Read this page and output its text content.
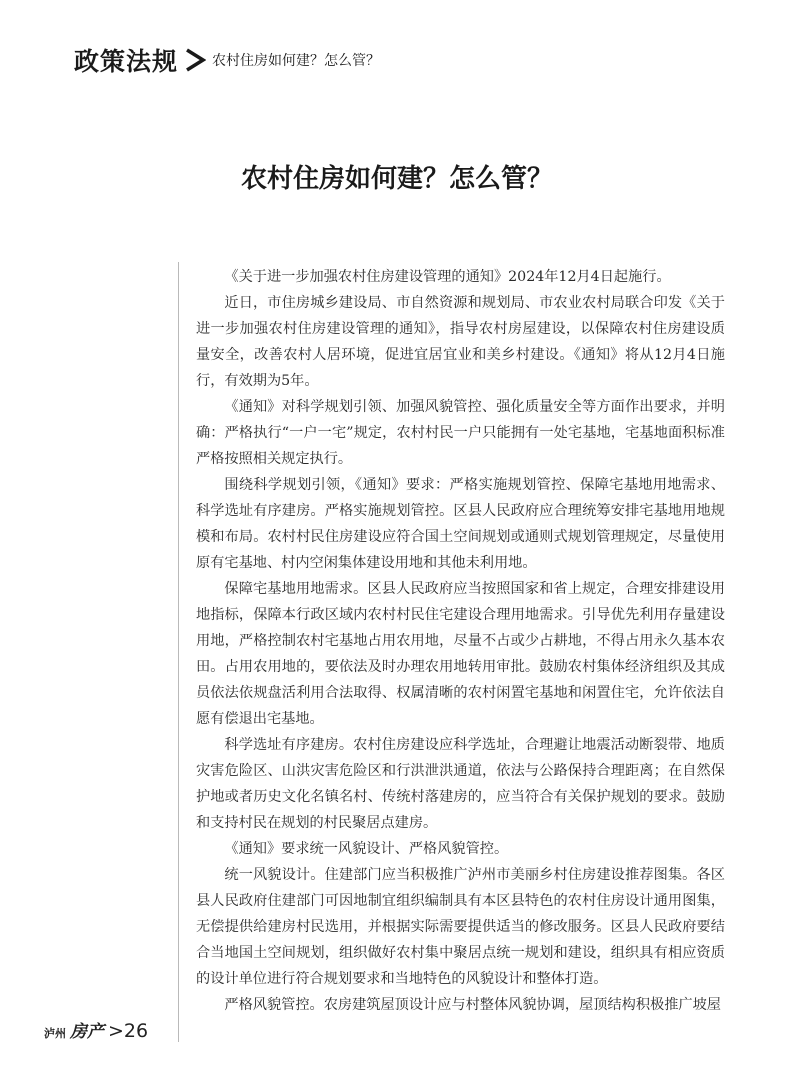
政策法规 农村住房如何建？怎么管？
农村住房如何建？怎么管？

《关于进一步加强农村住房建设管理的通知》2024年12月4日起施行。

近日，市住房城乡建设局、市自然资源和规划局、市农业农村局联合印发《关于进一步加强农村住房建设管理的通知》，指导农村房屋建设，以保障农村住房建设质量安全，改善农村人居环境，促进宜居宜业和美乡村建设。《通知》将从12月4日施行，有效期为5年。

《通知》对科学规划引领、加强风貌管控、强化质量安全等方面作出要求，并明确：严格执行“一户一宅”规定，农村村民一户只能拥有一处宅基地，宅基地面积标准严格按照相关规定执行。

围绕科学规划引领，《通知》要求：严格实施规划管控、保障宅基地用地需求、科学选址有序建房。严格实施规划管控。区县人民政府应合理统筹安排宅基地用地规模和布局。农村村民住房建设应符合国土空间规划或通则式规划管理规定，尽量使用原有宅基地、村内空闲集体建设用地和其他未利用地。

保障宅基地用地需求。区县人民政府应当按照国家和省上规定，合理安排建设用地指标，保障本行政区域内农村村民住宅建设合理用地需求。引导优先利用存量建设用地，严格控制农村宅基地占用农用地，尽量不占或少占耕地，不得占用永久基本农田。占用农用地的，要依法及时办理农用地转用审批。鼓励农村集体经济组织及其成员依法依规盘活利用合法取得、权属清晰的农村闲置宅基地和闲置住宅，允许依法自愿有偿退出宅基地。

科学选址有序建房。农村住房建设应科学选址，合理避让地震活动断裂带、地质灾害危险区、山洪灾害危险区和行洪泄洪通道，依法与公路保持合理距离；在自然保护地或者历史文化名镇名村、传统村落建房的，应当符合有关保护规划的要求。鼓励和支持村民在规划的村民聚居点建房。

《通知》要求统一风貌设计、严格风貌管控。

统一风貌设计。住建部门应当积极推广泸州市美丽乡村住房建设推荐图集。各区县人民政府住建部门可因地制宜组织编制具有本区县特色的农村住房设计通用图集，无偿提供给建房村民选用，并根据实际需要提供适当的修改服务。区县人民政府要结合当地国土空间规划，组织做好农村集中聚居点统一规划和建设，组织具有相应资质的设计单位进行符合规划要求和当地特色的风貌设计和整体打造。

严格风貌管控。农房建筑屋顶设计应与村整体风貌协调，屋顶结构积极推广坡屋

泸州 房产 >26
